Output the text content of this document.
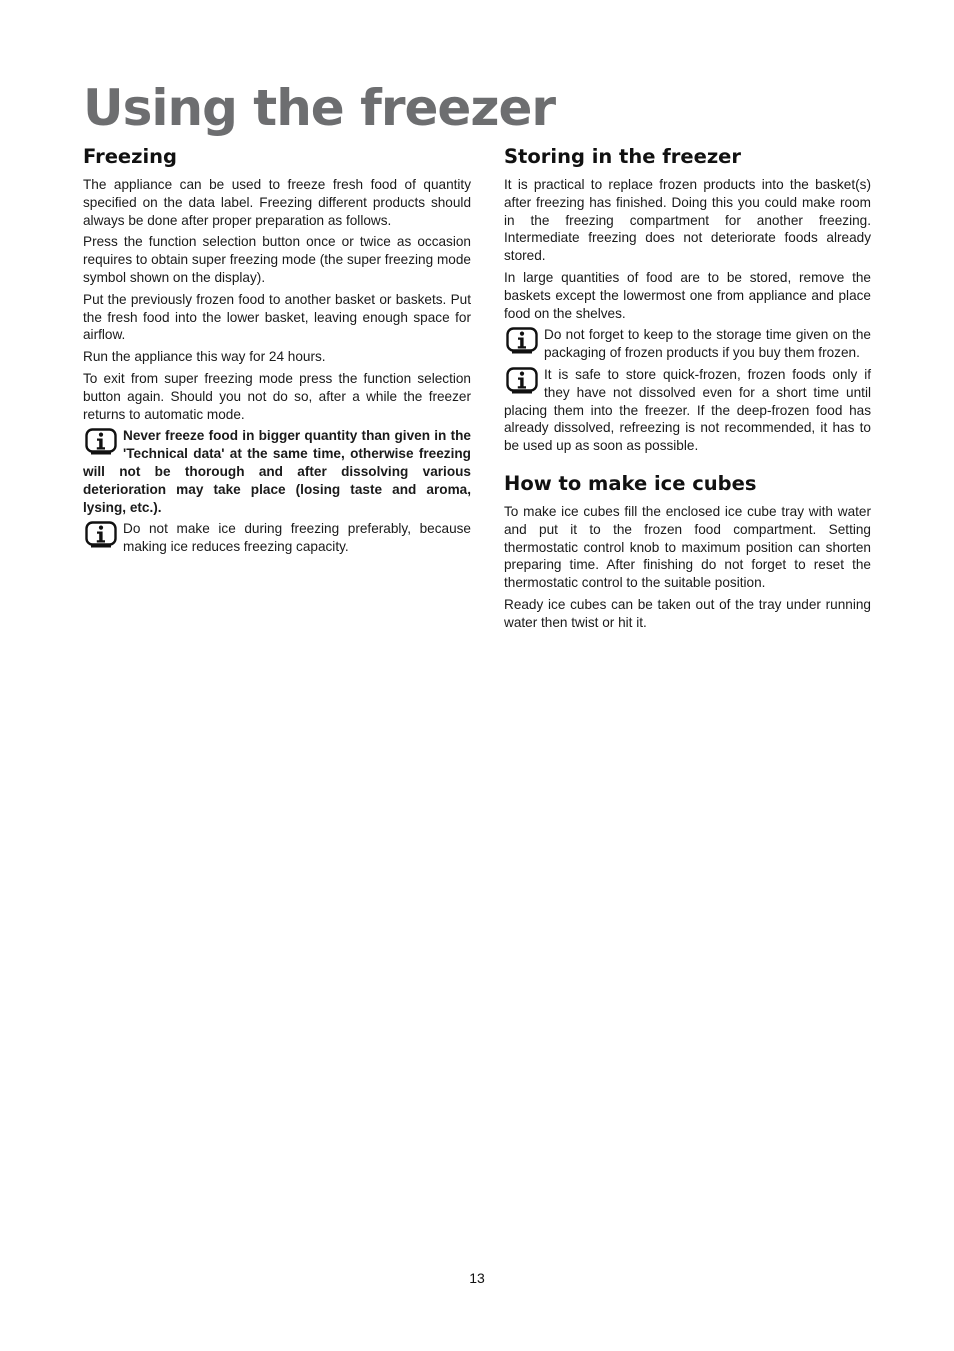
Using the freezer
Freezing

The appliance can be used to freeze fresh food of quantity specified on the data label. Freezing different products should always be done after proper preparation as follows.

Press the function selection button once or twice as occasion requires to obtain super freezing mode (the super freezing mode symbol shown on the display).

Put the previously frozen food to another basket or baskets. Put the fresh food into the lower basket, leaving enough space for airflow.

Run the appliance this way for 24 hours.

To exit from super freezing mode press the function selection button again. Should you not do so, after a while the freezer returns to automatic mode.

Never freeze food in bigger quantity than given in the 'Technical data' at the same time, otherwise freezing will not be thorough and after dissolving various deterioration may take place (losing taste and aroma, lysing, etc.).

Do not make ice during freezing preferably, because making ice reduces freezing capacity.

Storing in the freezer

It is practical to replace frozen products into the basket(s) after freezing has finished. Doing this you could make room in the freezing compartment for another freezing. Intermediate freezing does not deteriorate foods already stored.

In large quantities of food are to be stored, remove the baskets except the lowermost one from appliance and place food on the shelves.

Do not forget to keep to the storage time given on the packaging of frozen products if you buy them frozen.

It is safe to store quick-frozen, frozen foods only if they have not dissolved even for a short time until placing them into the freezer. If the deep-frozen food has already dissolved, refreezing is not recommended, it has to be used up as soon as possible.

How to make ice cubes

To make ice cubes fill the enclosed ice cube tray with water and put it to the frozen food compartment. Setting thermostatic control knob to maximum position can shorten preparing time. After finishing do not forget to reset the thermostatic control to the suitable position.

Ready ice cubes can be taken out of the tray under running water then twist or hit it.

13
